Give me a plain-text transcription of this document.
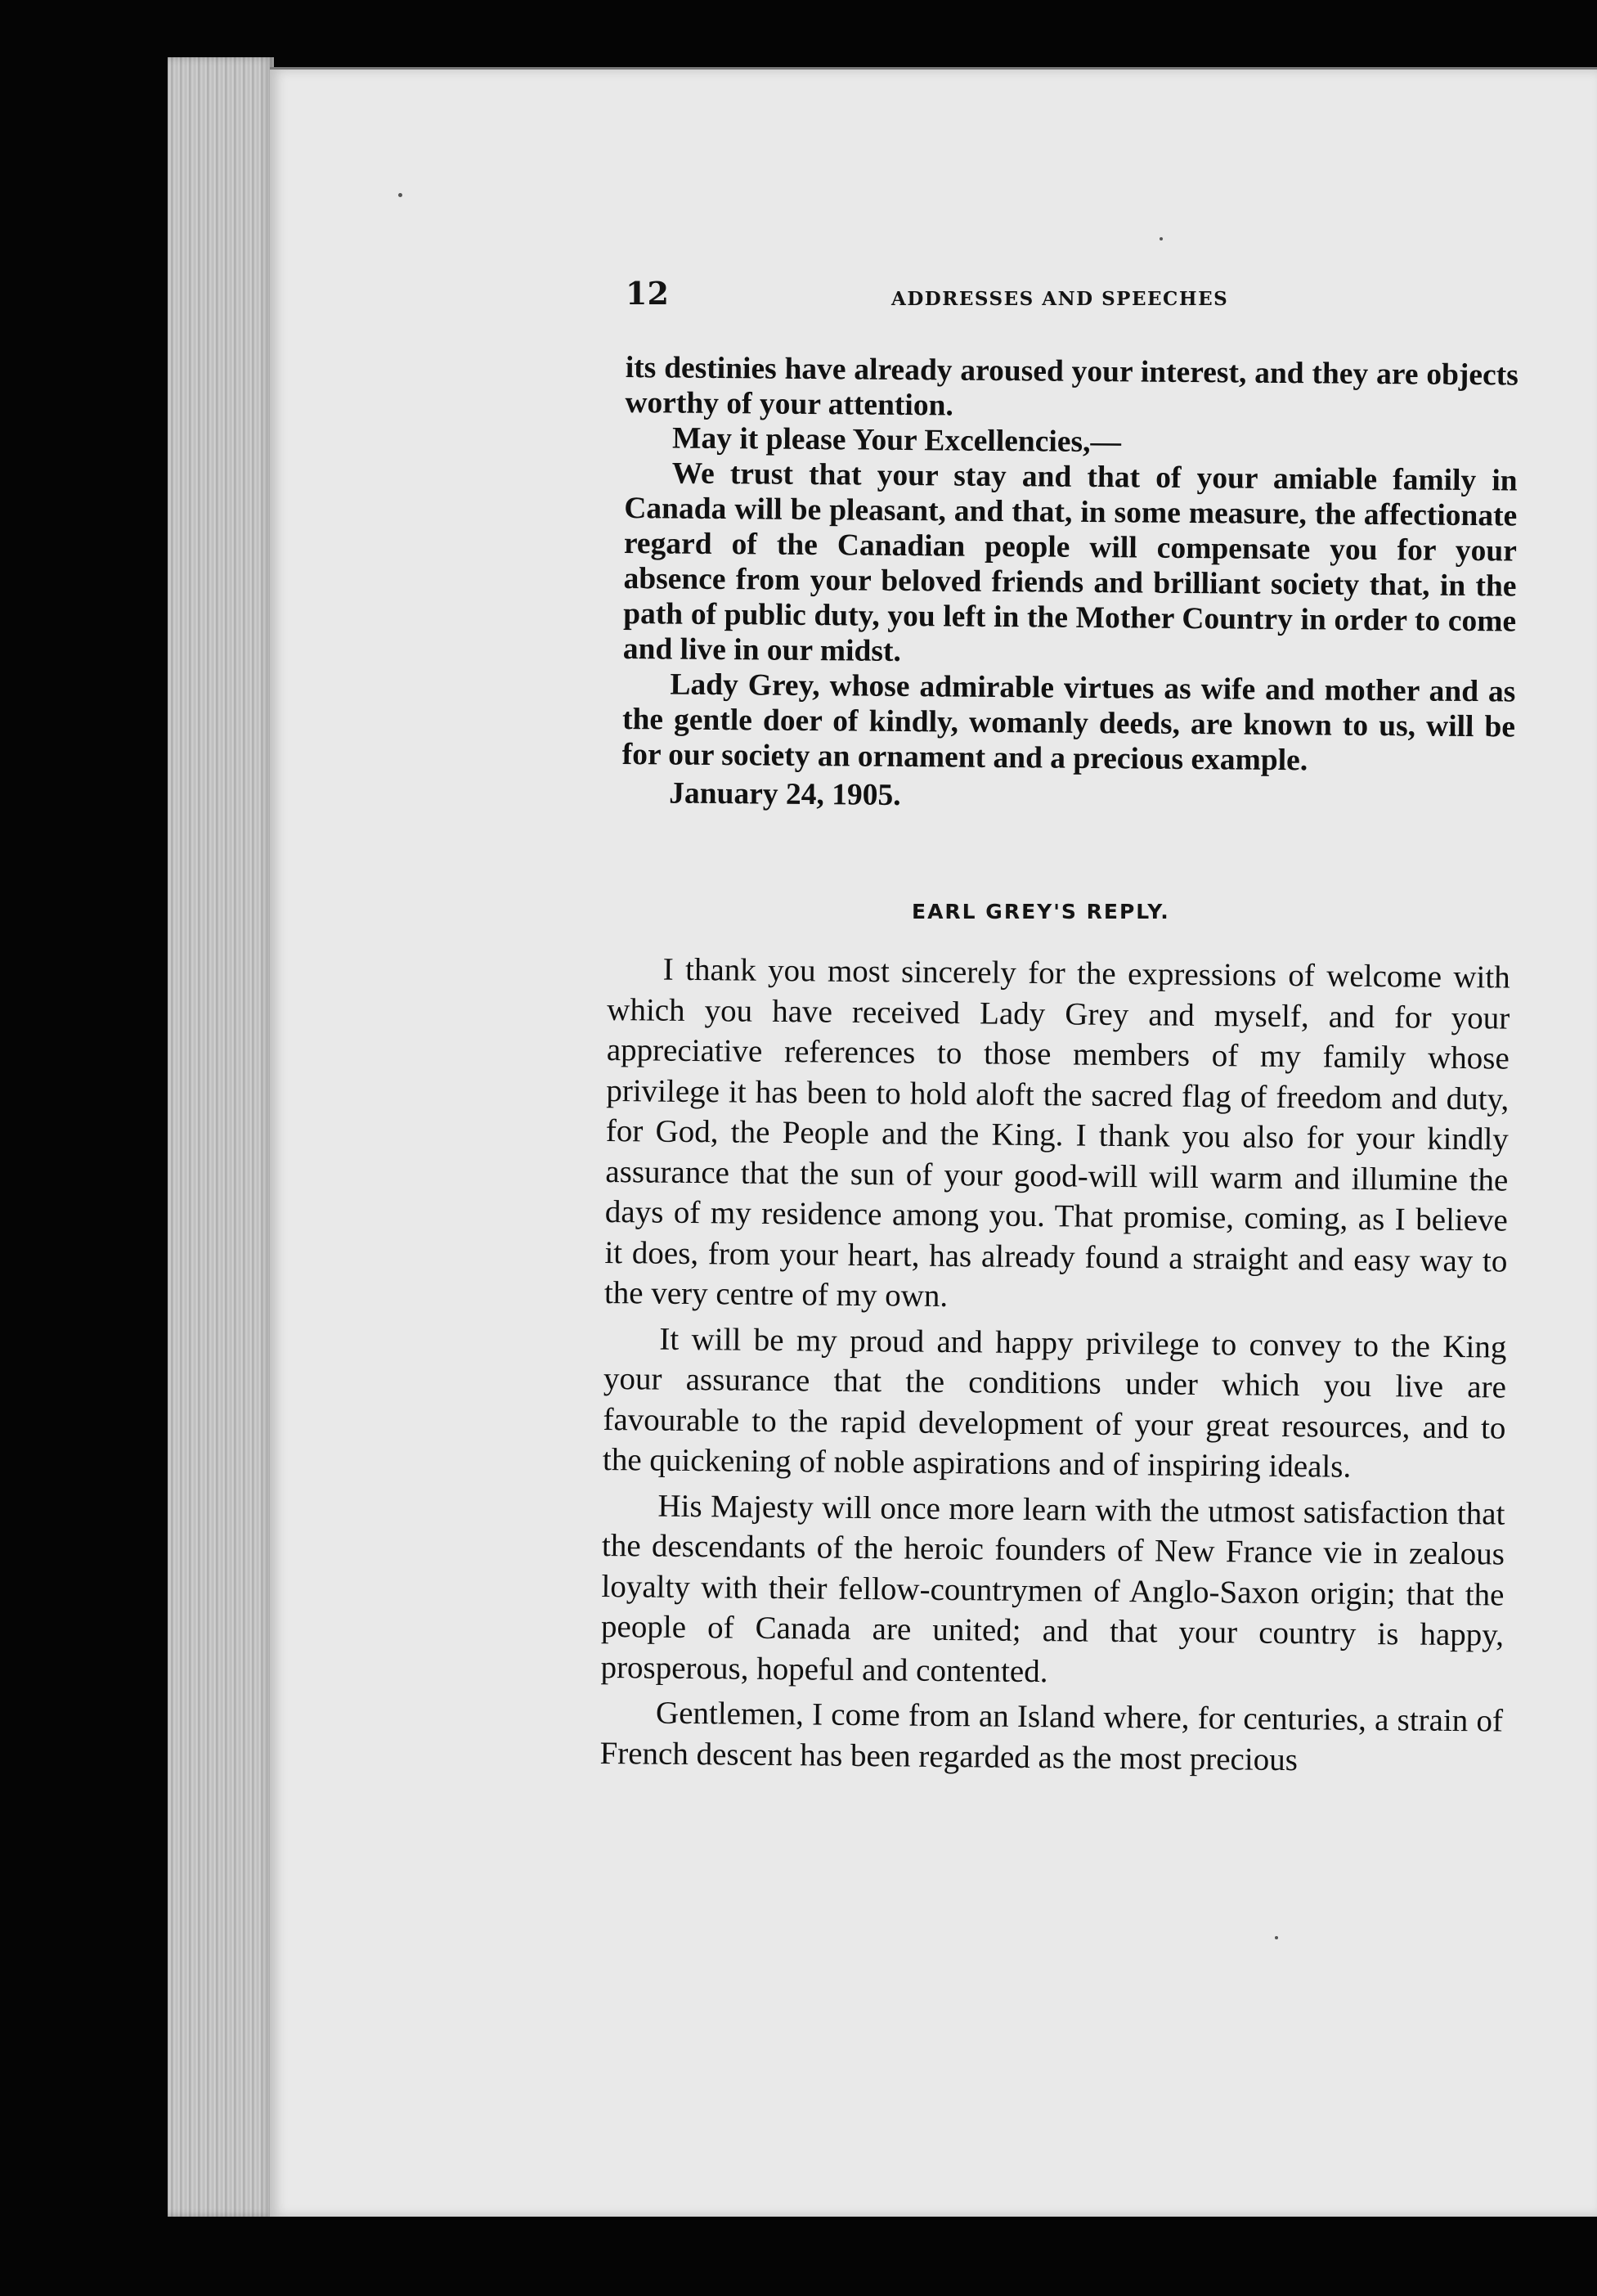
12	ADDRESSES AND SPEECHES

its destinies have already aroused your interest, and they are objects worthy of your attention.

May it please Your Excellencies,—

We trust that your stay and that of your amiable family in Canada will be pleasant, and that, in some measure, the affectionate regard of the Canadian people will compensate you for your absence from your beloved friends and brilliant society that, in the path of public duty, you left in the Mother Country in order to come and live in our midst.

Lady Grey, whose admirable virtues as wife and mother and as the gentle doer of kindly, womanly deeds, are known to us, will be for our society an ornament and a precious example.

January 24, 1905.

EARL GREY'S REPLY.

I thank you most sincerely for the expressions of welcome with which you have received Lady Grey and myself, and for your appreciative references to those members of my family whose privilege it has been to hold aloft the sacred flag of freedom and duty, for God, the People and the King. I thank you also for your kindly assurance that the sun of your good-will will warm and illumine the days of my residence among you. That promise, coming, as I believe it does, from your heart, has already found a straight and easy way to the very centre of my own.

It will be my proud and happy privilege to convey to the King your assurance that the conditions under which you live are favourable to the rapid development of your great resources, and to the quickening of noble aspirations and of inspiring ideals.

His Majesty will once more learn with the utmost satisfaction that the descendants of the heroic founders of New France vie in zealous loyalty with their fellow-countrymen of Anglo-Saxon origin; that the people of Canada are united; and that your country is happy, prosperous, hopeful and contented.

Gentlemen, I come from an Island where, for centuries, a strain of French descent has been regarded as the most precious
